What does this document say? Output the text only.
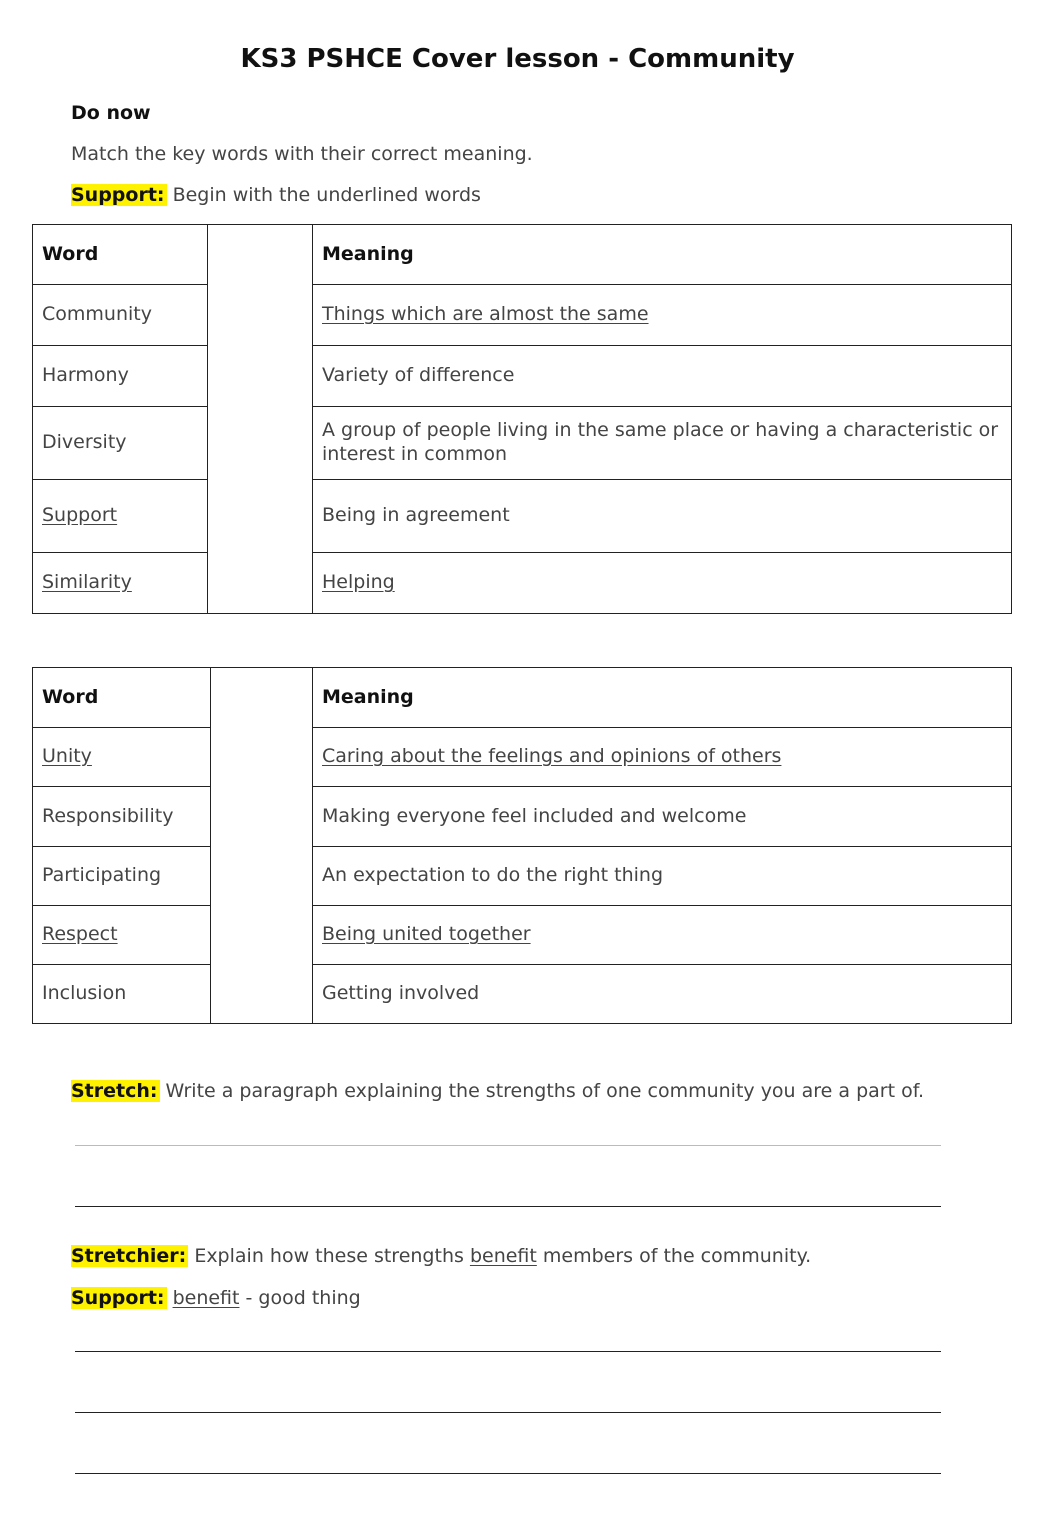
KS3 PSHCE Cover lesson - Community
Do now
Match the key words with their correct meaning.
Support: Begin with the underlined words
Word		Meaning
Community		Things which are almost the same
Harmony		Variety of difference
Diversity		A group of people living in the same place or having a characteristic or interest in common
Support		Being in agreement
Similarity		Helping
Word		Meaning
Unity		Caring about the feelings and opinions of others
Responsibility		Making everyone feel included and welcome
Participating		An expectation to do the right thing
Respect		Being united together
Inclusion		Getting involved
Stretch: Write a paragraph explaining the strengths of one community you are a part of.
Stretchier: Explain how these strengths benefit members of the community.
Support: benefit - good thing
